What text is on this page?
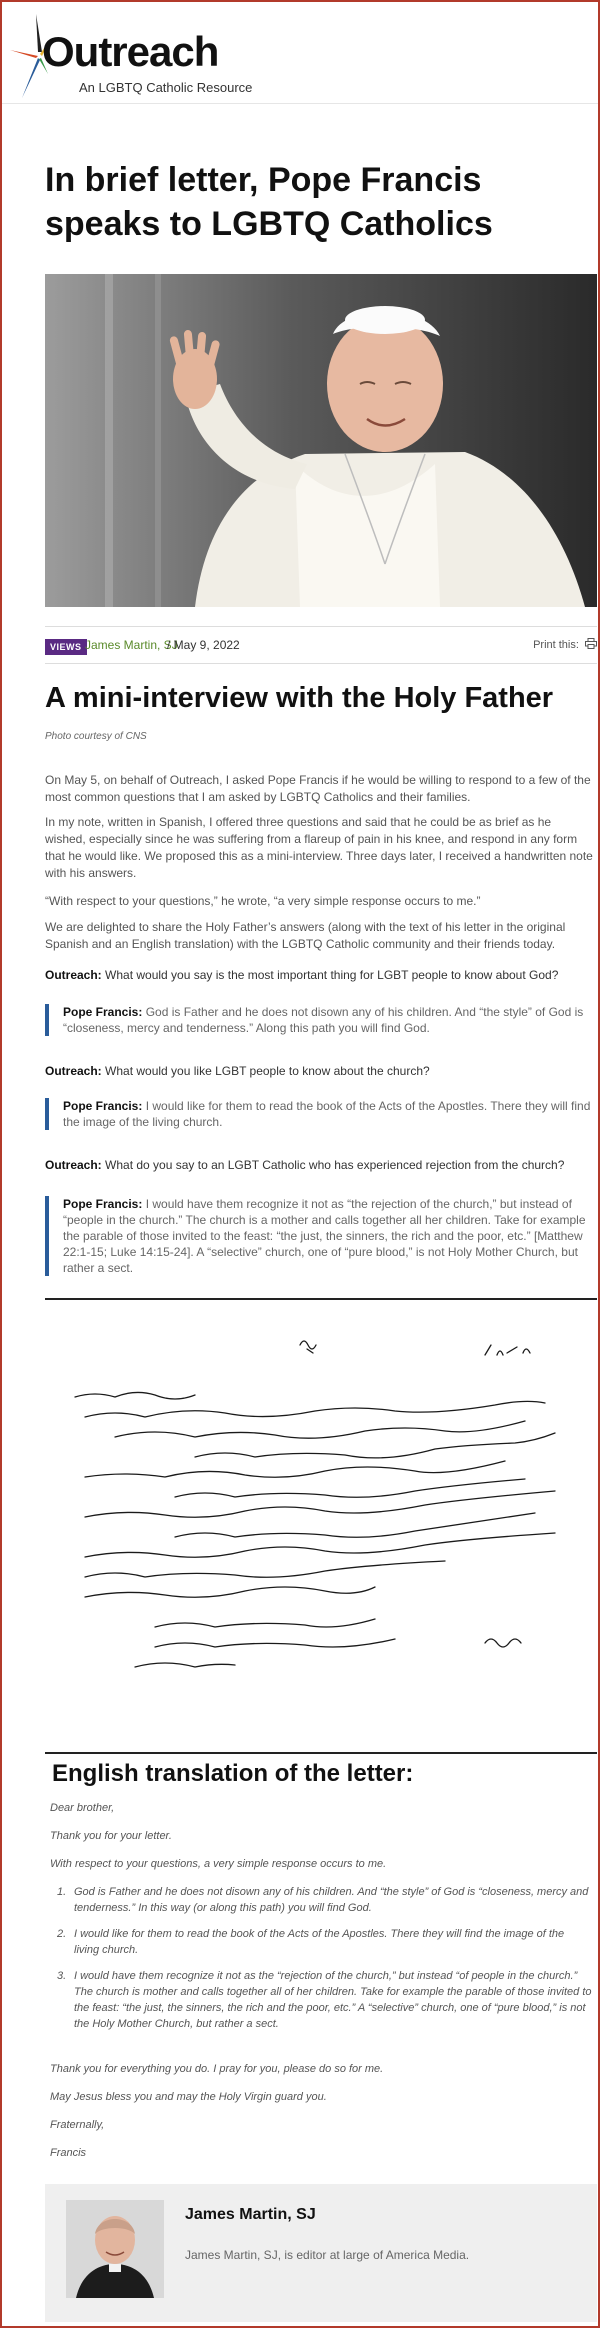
Outreach
An LGBTQ Catholic Resource
In brief letter, Pope Francis speaks to LGBTQ Catholics
VIEWS James Martin, SJ
/ May 9, 2022	Print this:
A mini-interview with the Holy Father
Photo courtesy of CNS

On May 5, on behalf of Outreach, I asked Pope Francis if he would be willing to respond to a few of the most common questions that I am asked by LGBTQ Catholics and their families.

In my note, written in Spanish, I offered three questions and said that he could be as brief as he wished, especially since he was suffering from a flareup of pain in his knee, and respond in any form that he would like. We proposed this as a mini-interview. Three days later, I received a handwritten note with his answers.

“With respect to your questions,” he wrote, “a very simple response occurs to me.”

We are delighted to share the Holy Father’s answers (along with the text of his letter in the original Spanish and an English translation) with the LGBTQ Catholic community and their friends today.

Outreach: What would you say is the most important thing for LGBT people to know about God?

Pope Francis: God is Father and he does not disown any of his children. And “the style” of God is “closeness, mercy and tenderness.” Along this path you will find God.

Outreach: What would you like LGBT people to know about the church?

Pope Francis: I would like for them to read the book of the Acts of the Apostles. There they will find the image of the living church.

Outreach: What do you say to an LGBT Catholic who has experienced rejection from the church?

Pope Francis: I would have them recognize it not as “the rejection of the church,” but instead of “people in the church.” The church is a mother and calls together all her children. Take for example the parable of those invited to the feast: “the just, the sinners, the rich and the poor, etc.” [Matthew 22:1-15; Luke 14:15-24]. A “selective” church, one of “pure blood,” is not Holy Mother Church, but rather a sect.
English translation of the letter:

Dear brother,

Thank you for your letter.

With respect to your questions, a very simple response occurs to me.

1. God is Father and he does not disown any of his children. And “the style” of God is “closeness, mercy and tenderness.” In this way (or along this path) you will find God.
2. I would like for them to read the book of the Acts of the Apostles. There they will find the image of the living church.
3. I would have them recognize it not as the “rejection of the church,” but instead “of people in the church.” The church is mother and calls together all of her children. Take for example the parable of those invited to the feast: “the just, the sinners, the rich and the poor, etc.” A “selective” church, one of “pure blood,” is not the Holy Mother Church, but rather a sect.

Thank you for everything you do. I pray for you, please do so for me.

May Jesus bless you and may the Holy Virgin guard you.

Fraternally,

Francis

James Martin, SJ
James Martin, SJ, is editor at large of America Media.
